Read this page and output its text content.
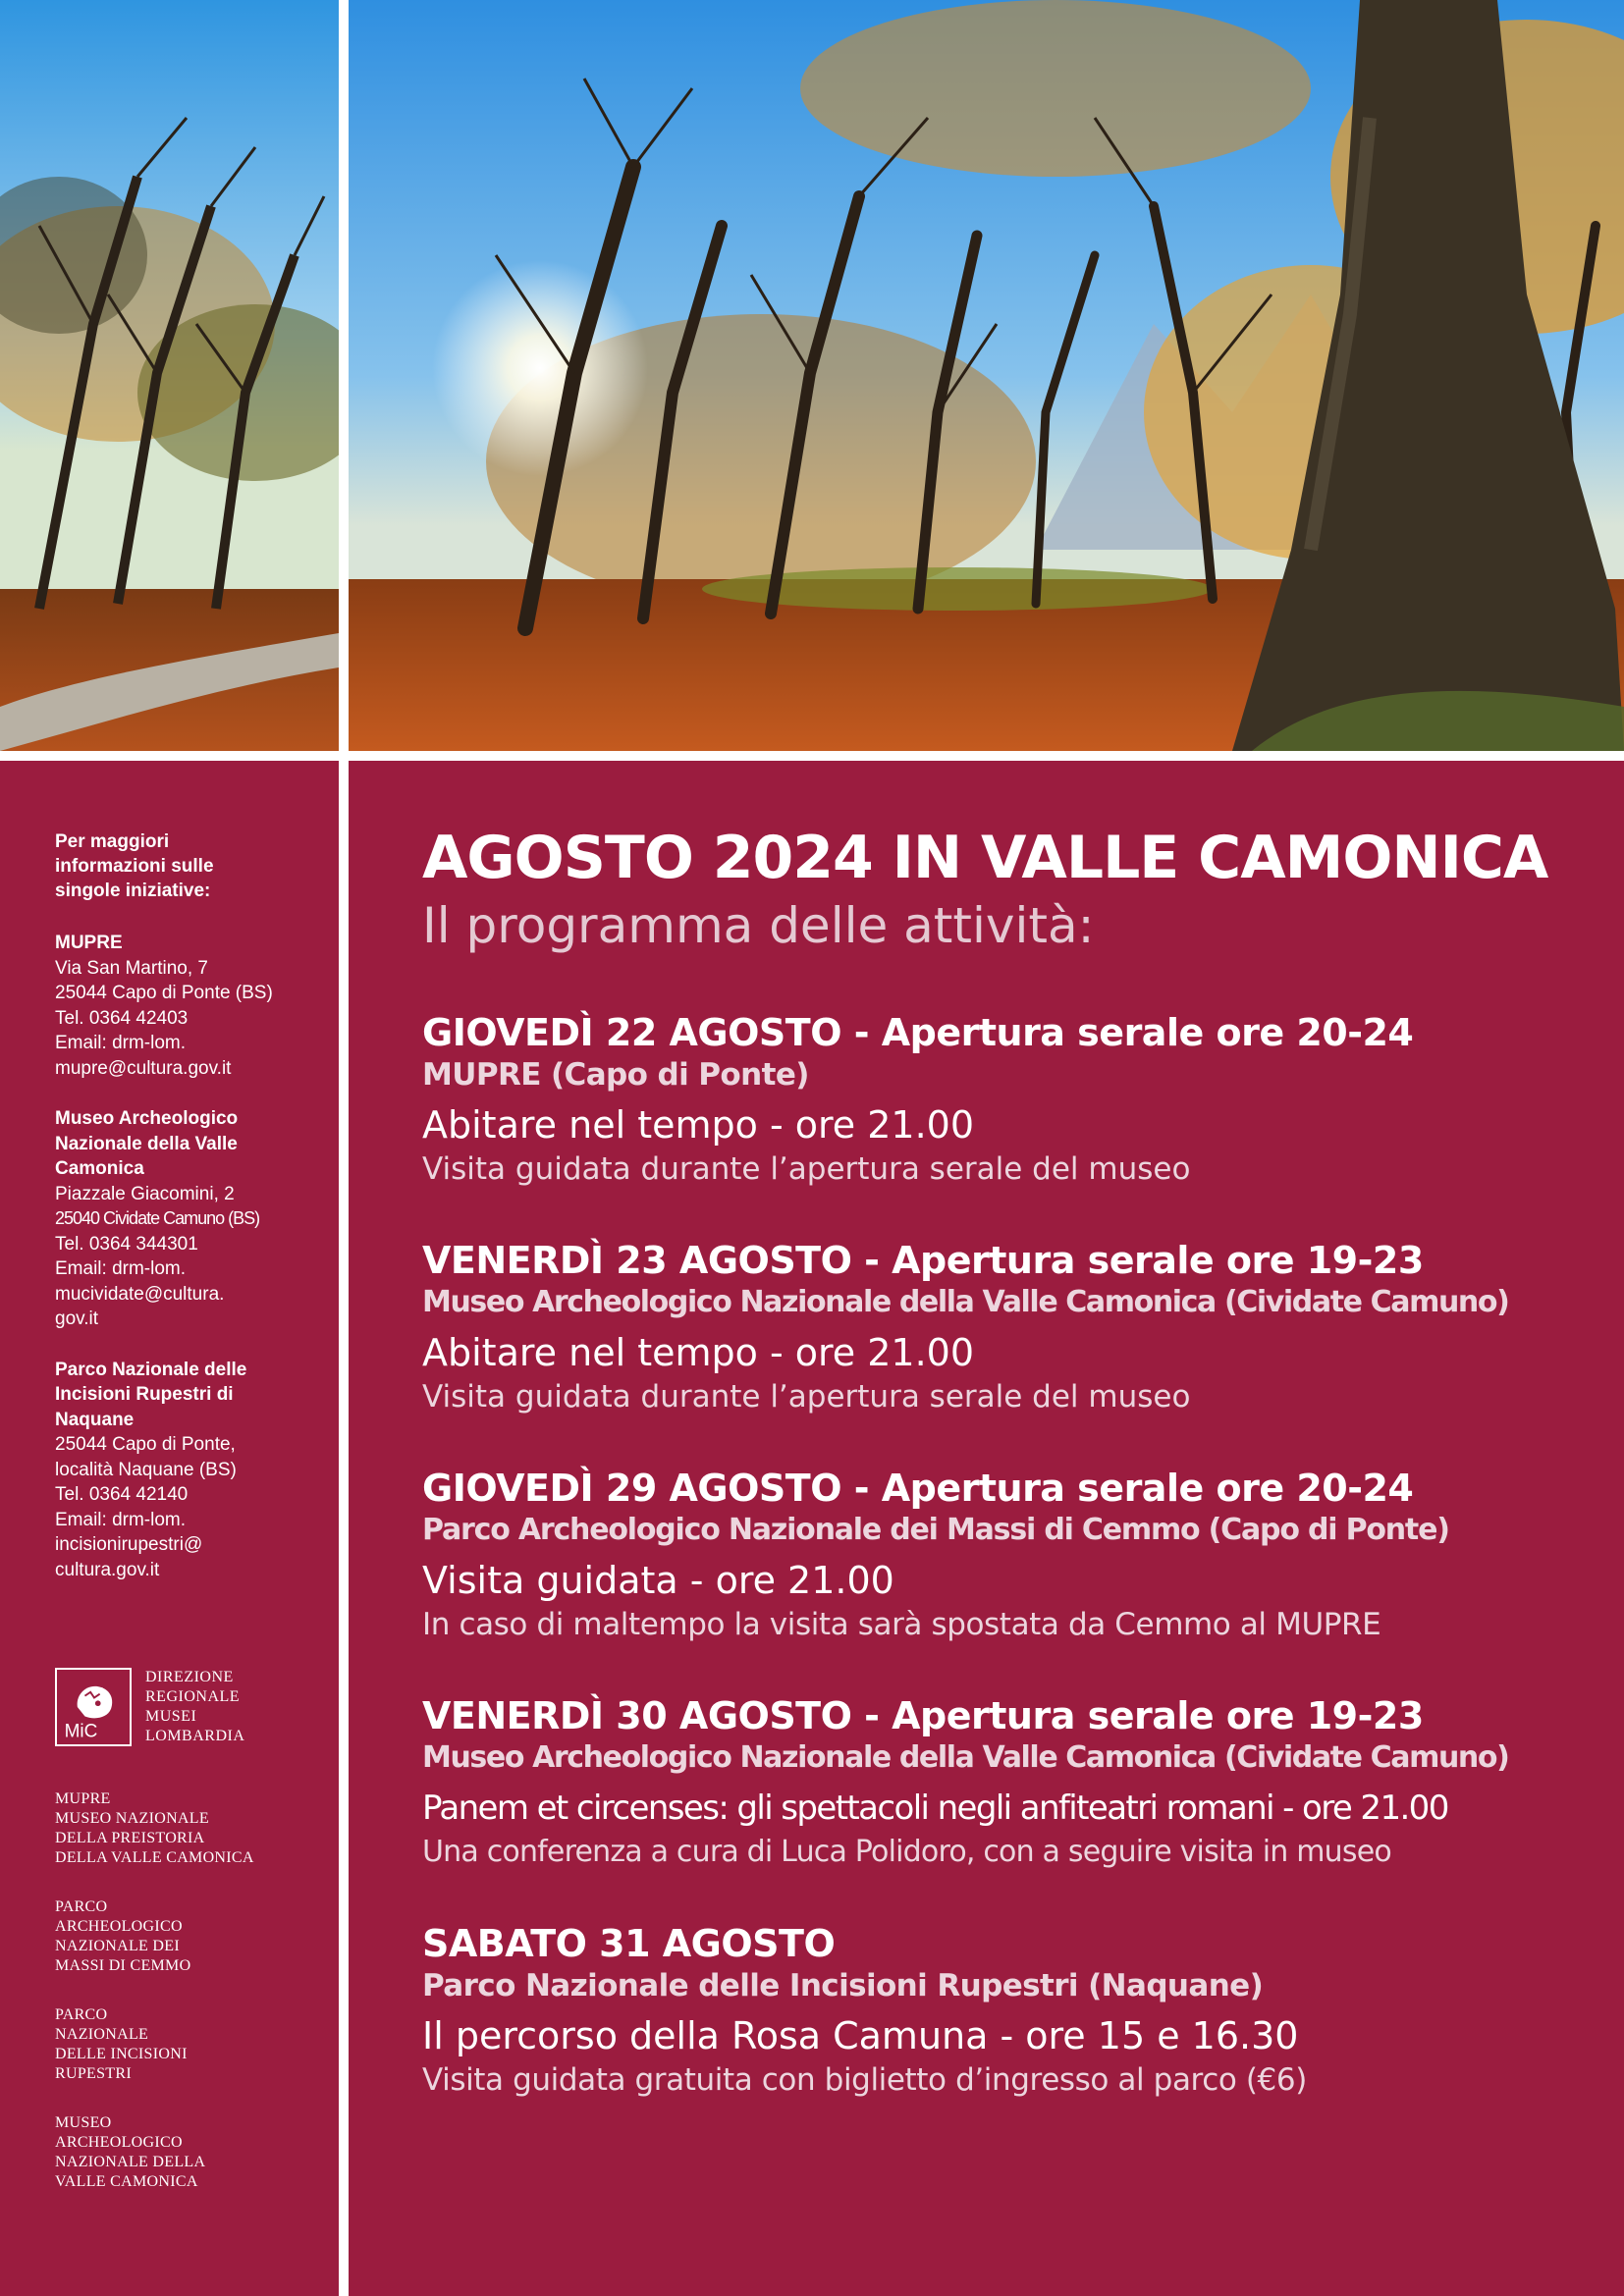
Per maggiori informazioni sulle singole iniziative:
MUPRE
Via San Martino, 7
25044 Capo di Ponte (BS)
Tel. 0364 42403
Email: drm-lom.
mupre@cultura.gov.it
Museo Archeologico Nazionale della Valle Camonica
Piazzale Giacomini, 2
25040 Cividate Camuno (BS)
Tel. 0364 344301
Email: drm-lom.
mucividate@cultura.
gov.it
Parco Nazionale delle Incisioni Rupestri di Naquane
25044 Capo di Ponte,
località Naquane (BS)
Tel. 0364 42140
Email: drm-lom.
incisionirupestri@
cultura.gov.it
MiC
DIREZIONE
REGIONALE
MUSEI
LOMBARDIA
MUPRE
MUSEO NAZIONALE
DELLA PREISTORIA
DELLA VALLE CAMONICA
PARCO
ARCHEOLOGICO
NAZIONALE DEI
MASSI DI CEMMO
PARCO
NAZIONALE
DELLE INCISIONI
RUPESTRI
MUSEO
ARCHEOLOGICO
NAZIONALE DELLA
VALLE CAMONICA
AGOSTO 2024 IN VALLE CAMONICA
Il programma delle attività:
GIOVEDÌ 22 AGOSTO - Apertura serale ore 20-24
MUPRE (Capo di Ponte)
Abitare nel tempo - ore 21.00
Visita guidata durante l’apertura serale del museo
VENERDÌ 23 AGOSTO - Apertura serale ore 19-23
Museo Archeologico Nazionale della Valle Camonica (Cividate Camuno)
Abitare nel tempo - ore 21.00
Visita guidata durante l’apertura serale del museo
GIOVEDÌ 29 AGOSTO - Apertura serale ore 20-24
Parco Archeologico Nazionale dei Massi di Cemmo (Capo di Ponte)
Visita guidata - ore 21.00
In caso di maltempo la visita sarà spostata da Cemmo al MUPRE
VENERDÌ 30 AGOSTO - Apertura serale ore 19-23
Museo Archeologico Nazionale della Valle Camonica (Cividate Camuno)
Panem et circenses: gli spettacoli negli anfiteatri romani - ore 21.00
Una conferenza a cura di Luca Polidoro, con a seguire visita in museo
SABATO 31 AGOSTO
Parco Nazionale delle Incisioni Rupestri (Naquane)
Il percorso della Rosa Camuna - ore 15 e 16.30
Visita guidata gratuita con biglietto d’ingresso al parco (€6)
